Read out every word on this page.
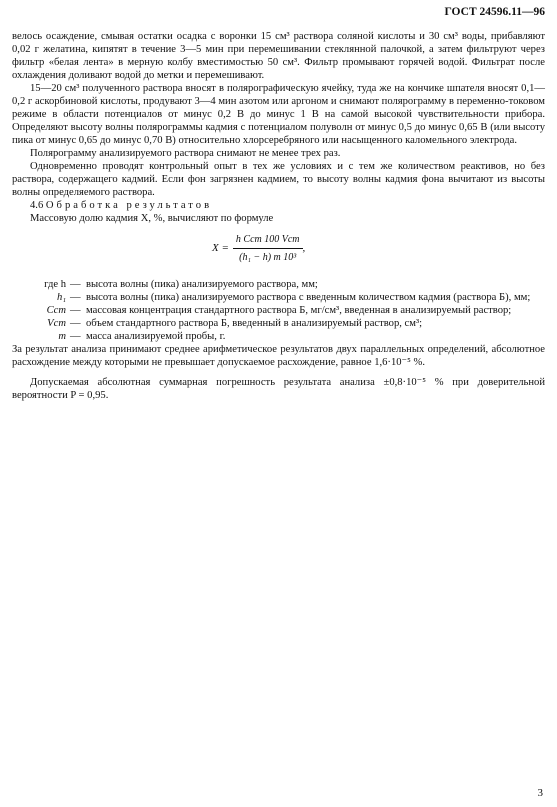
ГОСТ 24596.11—96

велось осаждение, смывая остатки осадка с воронки 15 см³ раствора соляной кислоты и 30 см³ воды, прибавляют 0,02 г желатина, кипятят в течение 3—5 мин при перемешивании стеклянной палочкой, а затем фильтруют через фильтр «белая лента» в мерную колбу вместимостью 50 см³. Фильтр промывают горячей водой. Фильтрат после охлаждения доливают водой до метки и перемешивают.

15—20 см³ полученного раствора вносят в полярографическую ячейку, туда же на кончике шпателя вносят 0,1—0,2 г аскорбиновой кислоты, продувают 3—4 мин азотом или аргоном и снимают полярограмму в переменно-токовом режиме в области потенциалов от минус 0,2 В до минус 1 В на самой высокой чувствительности прибора. Определяют высоту волны полярограммы кадмия с потенциалом полуволн от минус 0,5 до минус 0,65 В (или высоту пика от минус 0,65 до минус 0,70 В) относительно хлорсеребряного или насыщенного каломельного электрода.

Полярограмму анализируемого раствора снимают не менее трех раз.

Одновременно проводят контрольный опыт в тех же условиях и с тем же количеством реактивов, но без раствора, содержащего кадмий. Если фон загрязнен кадмием, то высоту волны кадмия фона вычитают из высоты волны определяемого раствора.

4.6 Обработка результатов

Массовую долю кадмия X, %, вычисляют по формуле

$X = \frac{\text{h Cст 100 Vст}}{\text{(h₁ − h) m 10³}}$ ,
где h — высота волны (пика) анализируемого раствора, мм;
h₁ — высота волны (пика) анализируемого раствора с введенным количеством кадмия (раствора Б), мм;
Cст — массовая концентрация стандартного раствора Б, мг/см³, введенная в анализируемый раствор;
Vст — объем стандартного раствора Б, введенный в анализируемый раствор, см³;
m — масса анализируемой пробы, г.

За результат анализа принимают среднее арифметическое результатов двух параллельных определений, абсолютное расхождение между которыми не превышает допускаемое расхождение, равное 1,6·10⁻⁵ %.

Допускаемая абсолютная суммарная погрешность результата анализа ±0,8·10⁻⁵ % при доверительной вероятности P = 0,95.

3
